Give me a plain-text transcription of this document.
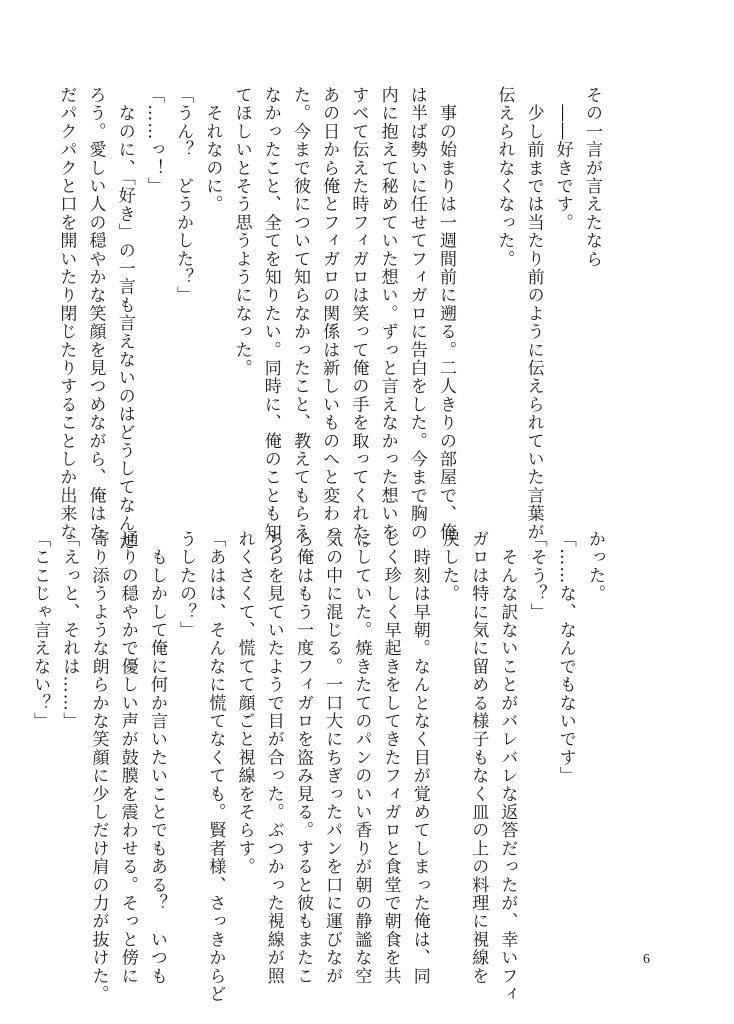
その一言が言えたなら
　――好きです。
　少し前までは当たり前のように伝えられていた言葉が
伝えられなくなった。

　事の始まりは一週間前に遡る。二人きりの部屋で、俺
は半ば勢いに任せてフィガロに告白をした。今まで胸の
内に抱えて秘めていた想い。ずっと言えなかった想いを
すべて伝えた時フィガロは笑って俺の手を取ってくれた。
あの日から俺とフィガロの関係は新しいものへと変わっ
た。今まで彼について知らなかったこと、教えてもらえ
なかったこと、全てを知りたい。同時に、俺のことも知っ
てほしいとそう思うようになった。
　それなのに。
「うん？　どうかした？」
「……っ！」
　なのに、「好き」の一言も言えないのはどうしてなんだ
ろう。愛しい人の穏やかな笑顔を見つめながら、俺はた
だパクパクと口を開いたり閉じたりすることしか出来な
かった。
「……な、なんでもないです」
「そう？」
　そんな訳ないことがバレバレな返答だったが、幸いフィ
ガロは特に気に留める様子もなく皿の上の料理に視線を
戻した。
　時刻は早朝。なんとなく目が覚めてしまった俺は、同
じく珍しく早起きをしてきたフィガロと食堂で朝食を共
にしていた。焼きたてのパンのいい香りが朝の静謐な空
気の中に混じる。一口大にちぎったパンを口に運びなが
ら俺はもう一度フィガロを盗み見る。すると彼もまたこ
ちらを見ていたようで目が合った。ぶつかった視線が照
れくさくて、慌てて顔ごと視線をそらす。
「あはは、そんなに慌てなくても。賢者様、さっきからど
うしたの？」
　もしかして俺に何か言いたいことでもある？　いつも
通りの穏やかで優しい声が鼓膜を震わせる。そっと傍に
寄り添うような朗らかな笑顔に少しだけ肩の力が抜けた。
「えっと、それは……」
「ここじゃ言えない？」
6
